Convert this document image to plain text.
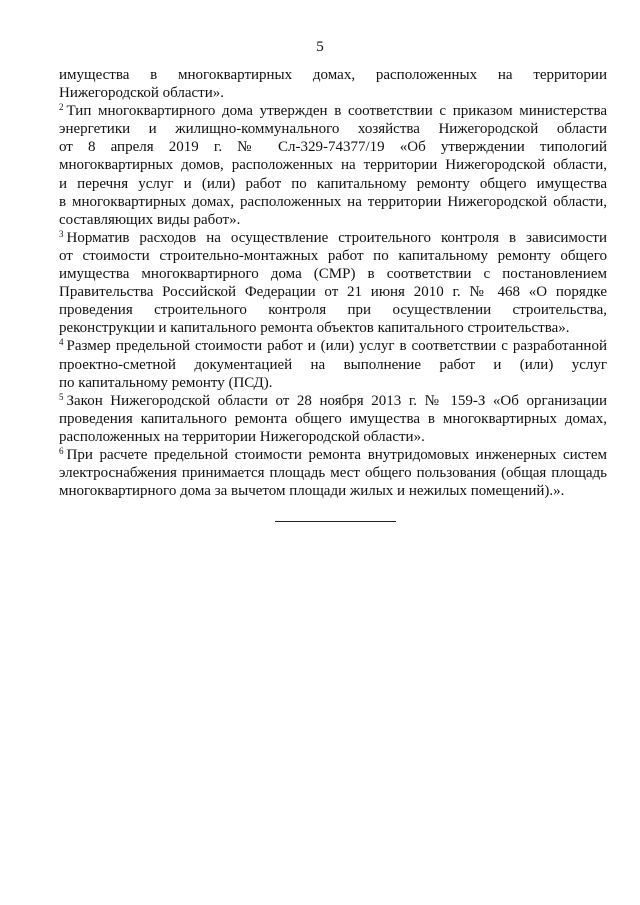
5
имущества в многоквартирных домах, расположенных на территории
Нижегородской области».
$^2$ Тип многоквартирного дома утвержден в соответствии с приказом министерства
энергетики и жилищно-коммунального хозяйства Нижегородской области
от 8 апреля 2019 г. № Сл-329-74377/19 «Об утверждении типологий
многоквартирных домов, расположенных на территории Нижегородской области,
и перечня услуг и (или) работ по капитальному ремонту общего имущества
в многоквартирных домах, расположенных на территории Нижегородской области,
составляющих виды работ».
$^3$ Норматив расходов на осуществление строительного контроля в зависимости
от стоимости строительно-монтажных работ по капитальному ремонту общего
имущества многоквартирного дома (СМР) в соответствии с постановлением
Правительства Российской Федерации от 21 июня 2010 г. № 468 «О порядке
проведения строительного контроля при осуществлении строительства,
реконструкции и капитального ремонта объектов капитального строительства».
$^4$ Размер предельной стоимости работ и (или) услуг в соответствии с разработанной
проектно-сметной документацией на выполнение работ и (или) услуг
по капитальному ремонту (ПСД).
$^5$ Закон Нижегородской области от 28 ноября 2013 г. № 159-З «Об организации
проведения капитального ремонта общего имущества в многоквартирных домах,
расположенных на территории Нижегородской области».
$^6$ При расчете предельной стоимости ремонта внутридомовых инженерных систем
электроснабжения принимается площадь мест общего пользования (общая площадь
многоквартирного дома за вычетом площади жилых и нежилых помещений).».
